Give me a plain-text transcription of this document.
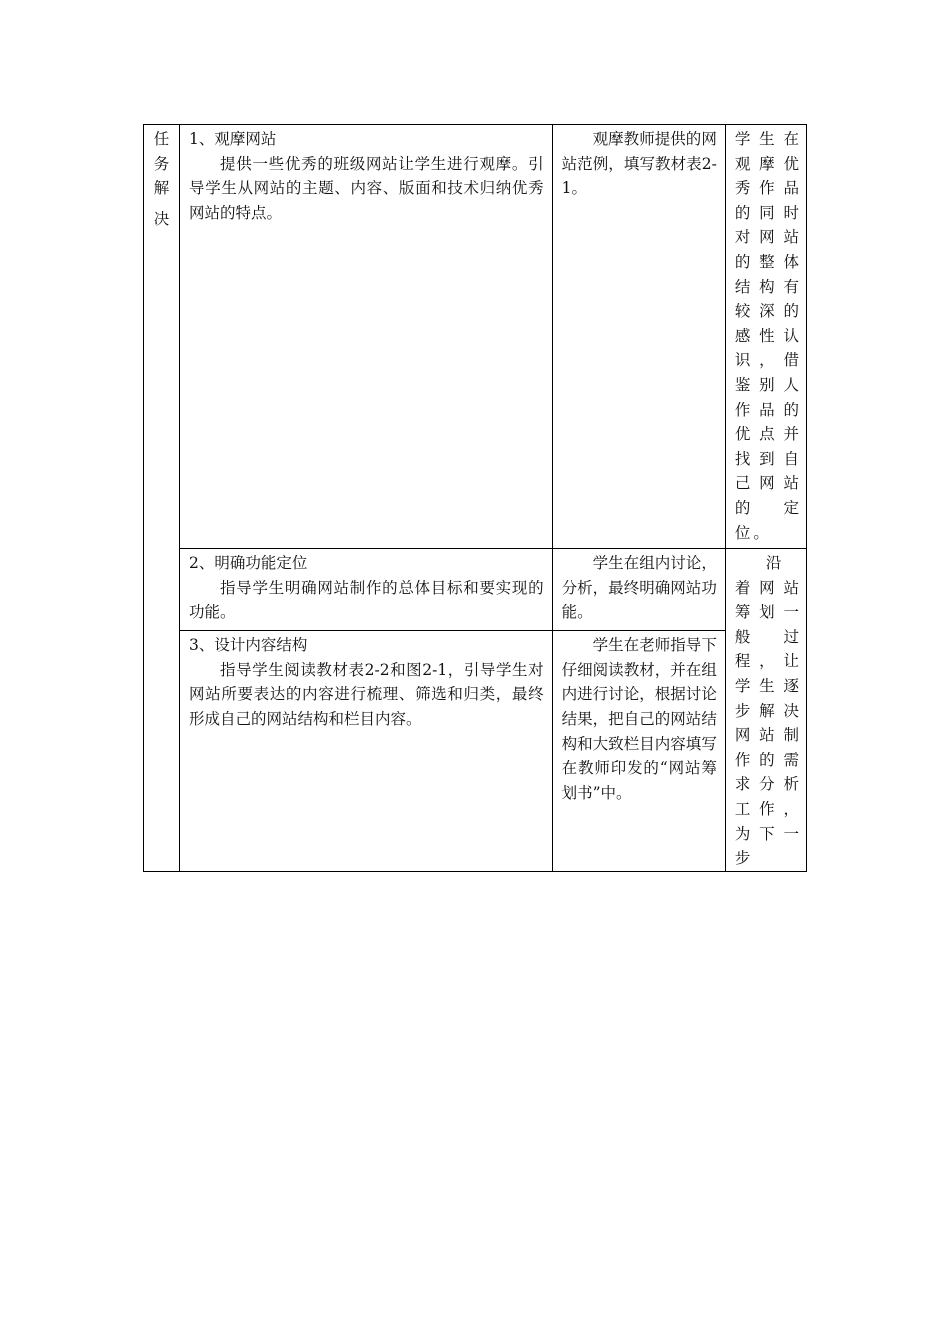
任
务
解
决	1、观摩网站
提供一些优秀的班级网站让学生进行观摩。引导学生从网站的主题、内容、版面和技术归纳优秀网站的特点。	观摩教师提供的网站范例，填写教材表2-1。	学生在观摩优秀作品的同时对网站的整体结构有较深的感性认识，借鉴别人作品的优点并找到自己网站的 定位。

	2、明确功能定位
指导学生明确网站制作的总体目标和要实现的功能。	学生在组内讨论，分析，最终明确网站功能。	沿着网站筹划一般过程，让学生逐步解决网站制作的需求分析 工作，为下一步

	3、设计内容结构
指导学生阅读教材表2-2和图2-1，引导学生对网站所要表达的内容进行梳理、筛选和归类，最终形成自己的网站结构和栏目内容。	学生在老师指导下仔细阅读教材，并在组内进行讨论，根据讨论结果，把自己的网站结构和大致栏目内容填写在教师印发的“网站筹划书”中。	
